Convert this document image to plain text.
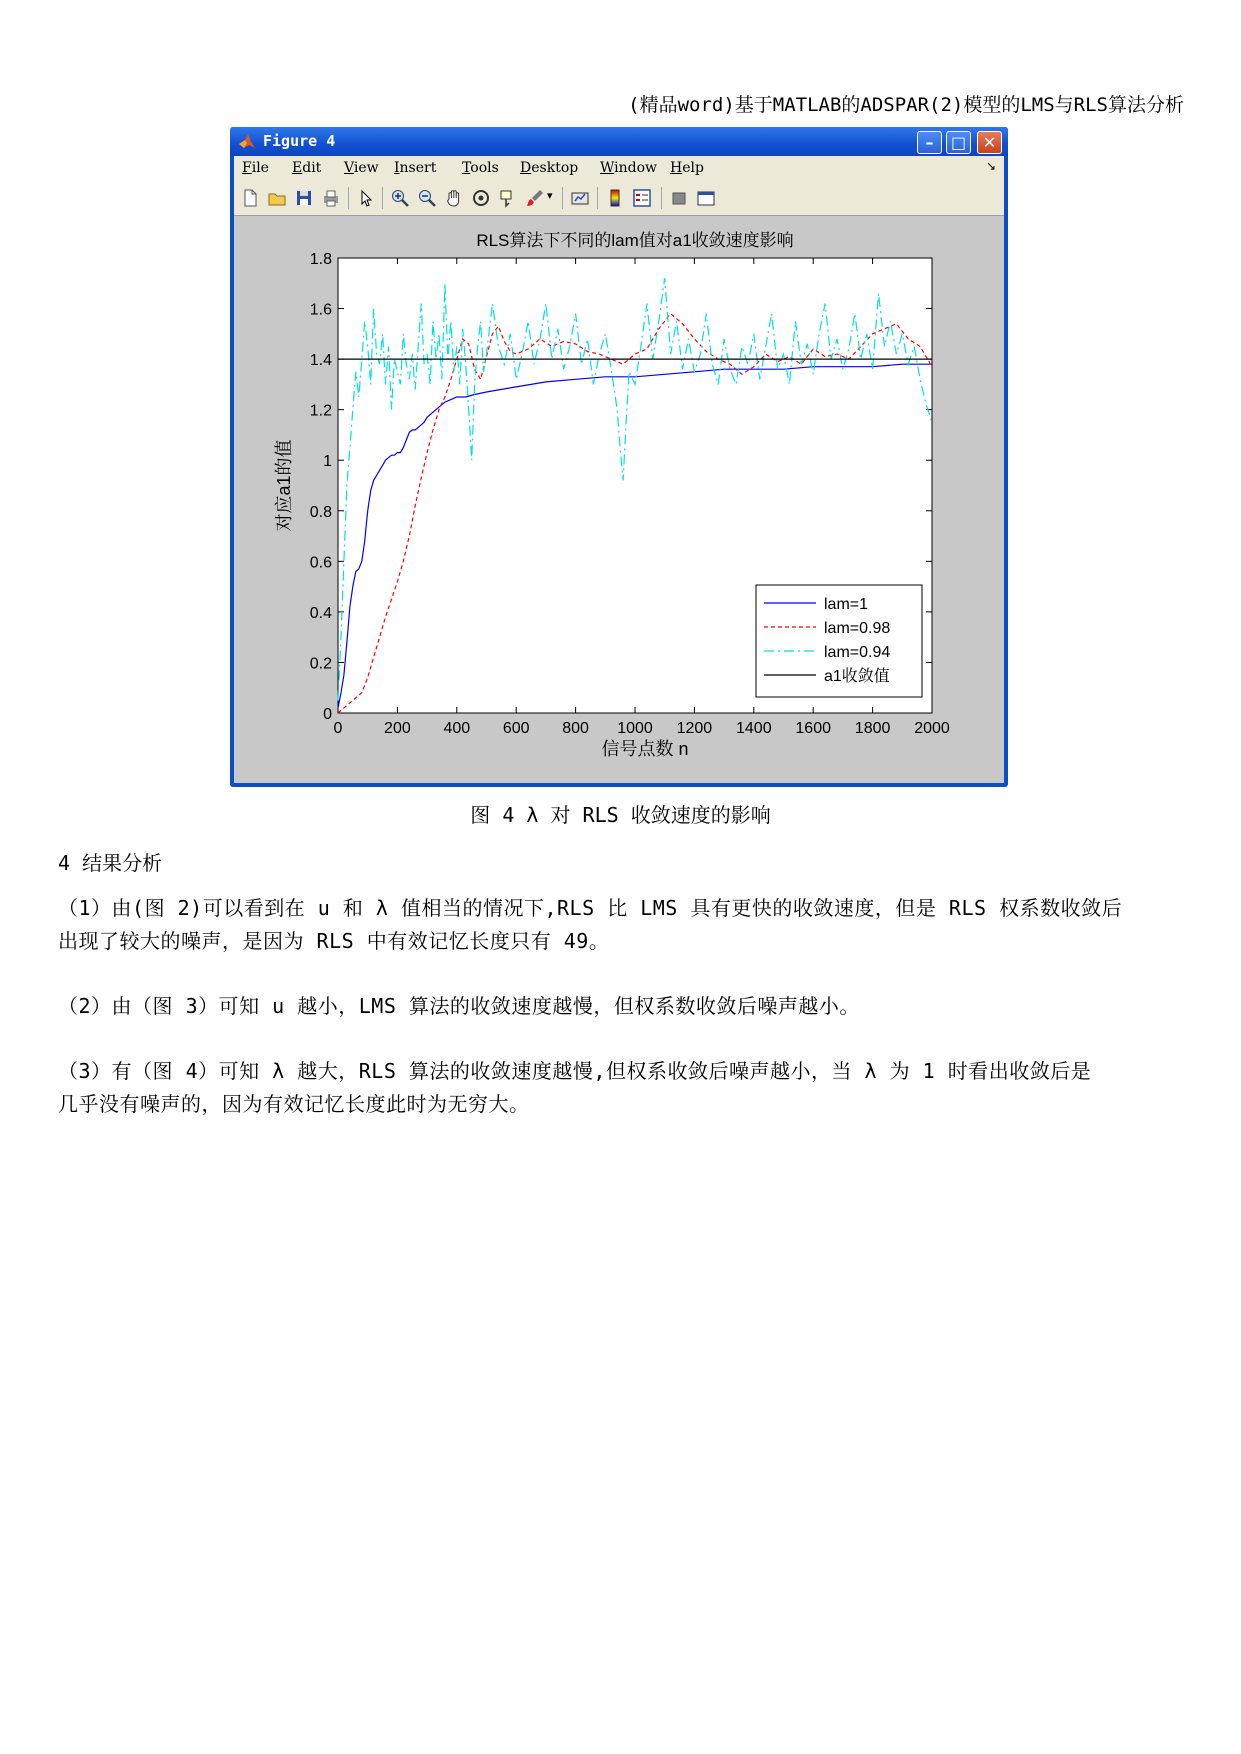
(精品word)基于MATLAB的ADSPAR(2)模型的LMS与RLS算法分析
Figure 4	–	□ ✕
File Edit View Insert Tools Desktop Window Help	↘
▾
RLS算法下不同的lam值对a1收敛速度影响
0	200 400 600 800 1000 1200 1400 1600 1800 2000
0
0.2
0.4
0.6
0.8
1
1.2
1.4
1.6
1.8
信号点数 n
对应a1的值
lam=1
lam=0.98
lam=0.94
a1收敛值
图 4 λ 对 RLS 收敛速度的影响
4 结果分析
（1）由(图 2)可以看到在 u 和 λ 值相当的情况下,RLS 比 LMS 具有更快的收敛速度，但是 RLS 权系数收敛后
出现了较大的噪声，是因为 RLS 中有效记忆长度只有 49。
（2）由（图 3）可知 u 越小，LMS 算法的收敛速度越慢，但权系数收敛后噪声越小。
（3）有（图 4）可知 λ 越大，RLS 算法的收敛速度越慢,但权系收敛后噪声越小，当 λ 为 1 时看出收敛后是
几乎没有噪声的，因为有效记忆长度此时为无穷大。
